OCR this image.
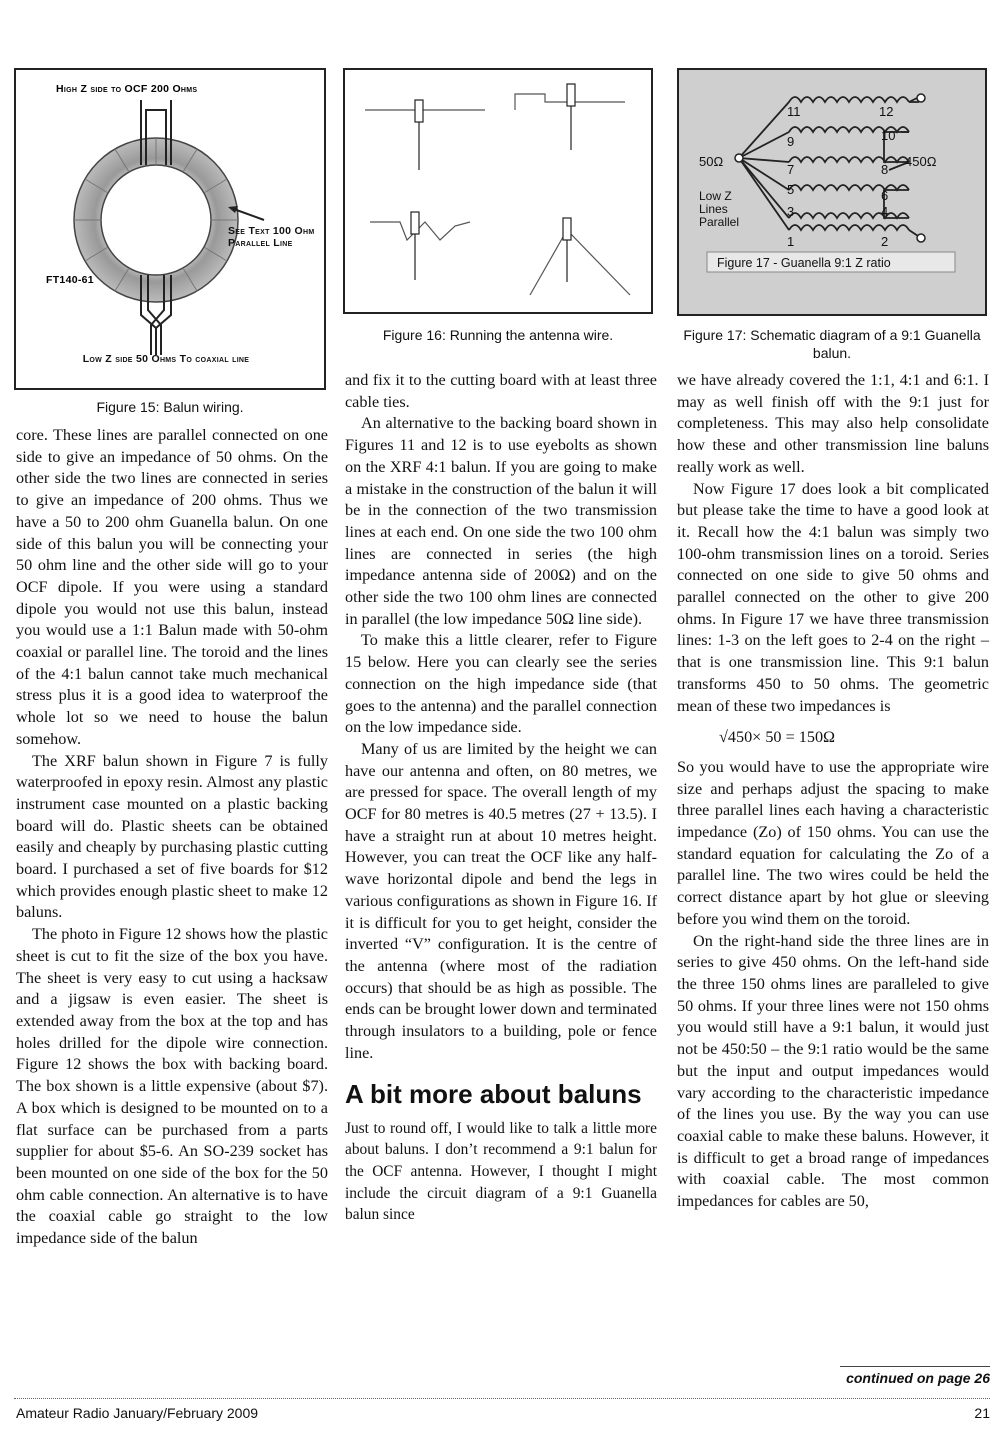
High Z side to OCF 200 Ohms
See Text 100 Ohm Parallel Line
FT140-61
Low Z side 50 Ohms To coaxial line
Figure 15: Balun wiring.
Figure 16: Running the antenna wire.
11	12
9	10
7	8
5	6
3	4
1	2
50Ω	450Ω
Low Z Lines Parallel
Figure 17 - Guanella 9:1 Z ratio
Figure 17: Schematic diagram of a 9:1 Guanella balun.

core. These lines are parallel connected on one side to give an impedance of 50 ohms. On the other side the two lines are connected in series to give an impedance of 200 ohms. Thus we have a 50 to 200 ohm Guanella balun. On one side of this balun you will be connecting your 50 ohm line and the other side will go to your OCF dipole. If you were using a standard dipole you would not use this balun, instead you would use a 1:1 Balun made with 50-ohm coaxial or parallel line. The toroid and the lines of the 4:1 balun cannot take much mechanical stress plus it is a good idea to waterproof the whole lot so we need to house the balun somehow.

The XRF balun shown in Figure 7 is fully waterproofed in epoxy resin. Almost any plastic instrument case mounted on a plastic backing board will do. Plastic sheets can be obtained easily and cheaply by purchasing plastic cutting board. I purchased a set of five boards for $12 which provides enough plastic sheet to make 12 baluns.

The photo in Figure 12 shows how the plastic sheet is cut to fit the size of the box you have. The sheet is very easy to cut using a hacksaw and a jigsaw is even easier. The sheet is extended away from the box at the top and has holes drilled for the dipole wire connection. Figure 12 shows the box with backing board. The box shown is a little expensive (about $7). A box which is designed to be mounted on to a flat surface can be purchased from a parts supplier for about $5-6. An SO-239 socket has been mounted on one side of the box for the 50 ohm cable connection. An alternative is to have the coaxial cable go straight to the low impedance side of the balun

and fix it to the cutting board with at least three cable ties.

An alternative to the backing board shown in Figures 11 and 12 is to use eyebolts as shown on the XRF 4:1 balun. If you are going to make a mistake in the construction of the balun it will be in the connection of the two transmission lines at each end. On one side the two 100 ohm lines are connected in series (the high impedance antenna side of 200Ω) and on the other side the two 100 ohm lines are connected in parallel (the low impedance 50Ω line side).

To make this a little clearer, refer to Figure 15 below. Here you can clearly see the series connection on the high impedance side (that goes to the antenna) and the parallel connection on the low impedance side.

Many of us are limited by the height we can have our antenna and often, on 80 metres, we are pressed for space. The overall length of my OCF for 80 metres is 40.5 metres (27 + 13.5). I have a straight run at about 10 metres height. However, you can treat the OCF like any half-wave horizontal dipole and bend the legs in various configurations as shown in Figure 16. If it is difficult for you to get height, consider the inverted “V” configuration. It is the centre of the antenna (where most of the radiation occurs) that should be as high as possible. The ends can be brought lower down and terminated through insulators to a building, pole or fence line.

A bit more about baluns

Just to round off, I would like to talk a little more about baluns. I don’t recommend a 9:1 balun for the OCF antenna. However, I thought I might include the circuit diagram of a 9:1 Guanella balun since

we have already covered the 1:1, 4:1 and 6:1. I may as well finish off with the 9:1 just for completeness. This may also help consolidate how these and other transmission line baluns really work as well.

Now Figure 17 does look a bit complicated but please take the time to have a good look at it. Recall how the 4:1 balun was simply two 100-ohm transmission lines on a toroid. Series connected on one side to give 50 ohms and parallel connected on the other to give 200 ohms. In Figure 17 we have three transmission lines: 1-3 on the left goes to 2-4 on the right – that is one transmission line. This 9:1 balun transforms 450 to 50 ohms. The geometric mean of these two impedances is

√450× 50 = 150Ω

So you would have to use the appropriate wire size and perhaps adjust the spacing to make three parallel lines each having a characteristic impedance (Zo) of 150 ohms. You can use the standard equation for calculating the Zo of a parallel line. The two wires could be held the correct distance apart by hot glue or sleeving before you wind them on the toroid.

On the right-hand side the three lines are in series to give 450 ohms. On the left-hand side the three 150 ohms lines are paralleled to give 50 ohms. If your three lines were not 150 ohms you would still have a 9:1 balun, it would just not be 450:50 – the 9:1 ratio would be the same but the input and output impedances would vary according to the characteristic impedance of the lines you use. By the way you can use coaxial cable to make these baluns. However, it is difficult to get a broad range of impedances with coaxial cable. The most common impedances for cables are 50,

continued on page 26
Amateur Radio January/February 2009	21
